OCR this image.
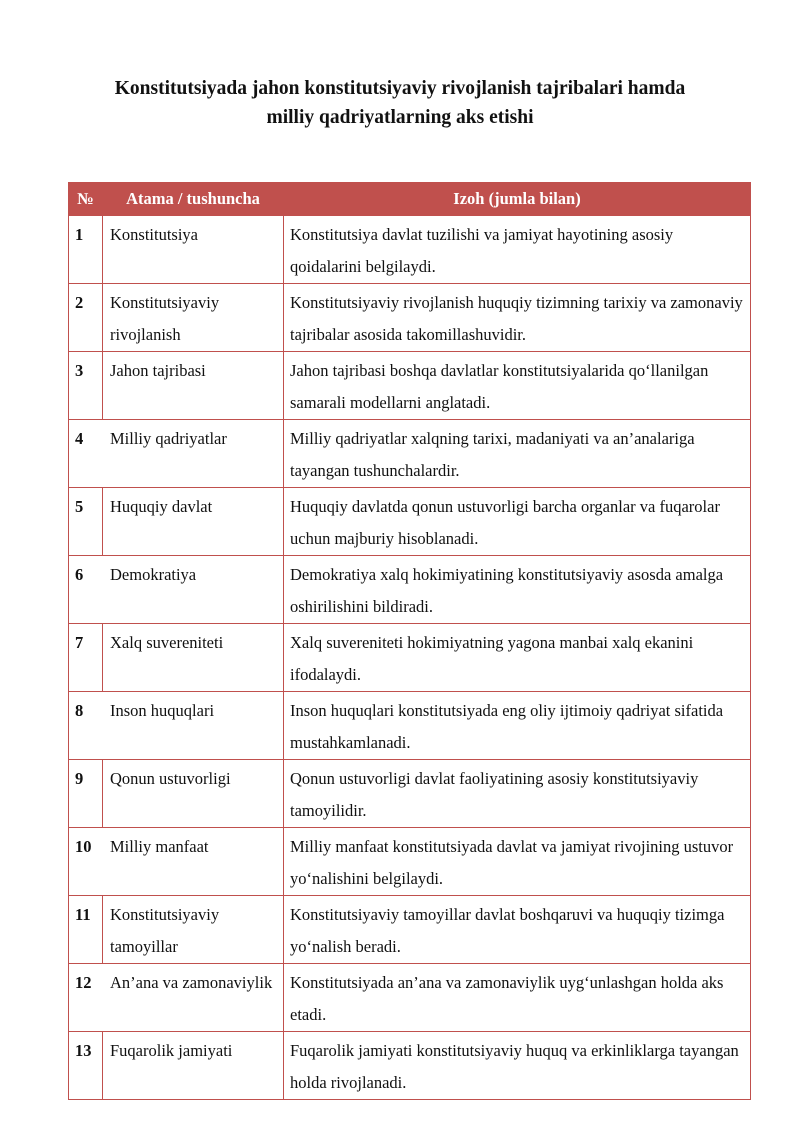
Konstitutsiyada jahon konstitutsiyaviy rivojlanish tajribalari hamda
milliy qadriyatlarning aks etishi
№	Atama / tushuncha	Izoh (jumla bilan)
1	Konstitutsiya	Konstitutsiya davlat tuzilishi va jamiyat hayotining asosiy qoidalarini belgilaydi.
2	Konstitutsiyaviy rivojlanish	Konstitutsiyaviy rivojlanish huquqiy tizimning tarixiy va zamonaviy tajribalar asosida takomillashuvidir.
3	Jahon tajribasi	Jahon tajribasi boshqa davlatlar konstitutsiyalarida qo‘llanilgan samarali modellarni anglatadi.
4	Milliy qadriyatlar	Milliy qadriyatlar xalqning tarixi, madaniyati va an’analariga tayangan tushunchalardir.
5	Huquqiy davlat	Huquqiy davlatda qonun ustuvorligi barcha organlar va fuqarolar uchun majburiy hisoblanadi.
6	Demokratiya	Demokratiya xalq hokimiyatining konstitutsiyaviy asosda amalga oshirilishini bildiradi.
7	Xalq suvereniteti	Xalq suvereniteti hokimiyatning yagona manbai xalq ekanini ifodalaydi.
8	Inson huquqlari	Inson huquqlari konstitutsiyada eng oliy ijtimoiy qadriyat sifatida mustahkamlanadi.
9	Qonun ustuvorligi	Qonun ustuvorligi davlat faoliyatining asosiy konstitutsiyaviy tamoyilidir.
10	Milliy manfaat	Milliy manfaat konstitutsiyada davlat va jamiyat rivojining ustuvor yo‘nalishini belgilaydi.
11	Konstitutsiyaviy tamoyillar	Konstitutsiyaviy tamoyillar davlat boshqaruvi va huquqiy tizimga yo‘nalish beradi.
12	An’ana va zamonaviylik	Konstitutsiyada an’ana va zamonaviylik uyg‘unlashgan holda aks etadi.
13	Fuqarolik jamiyati	Fuqarolik jamiyati konstitutsiyaviy huquq va erkinliklarga tayangan holda rivojlanadi.
